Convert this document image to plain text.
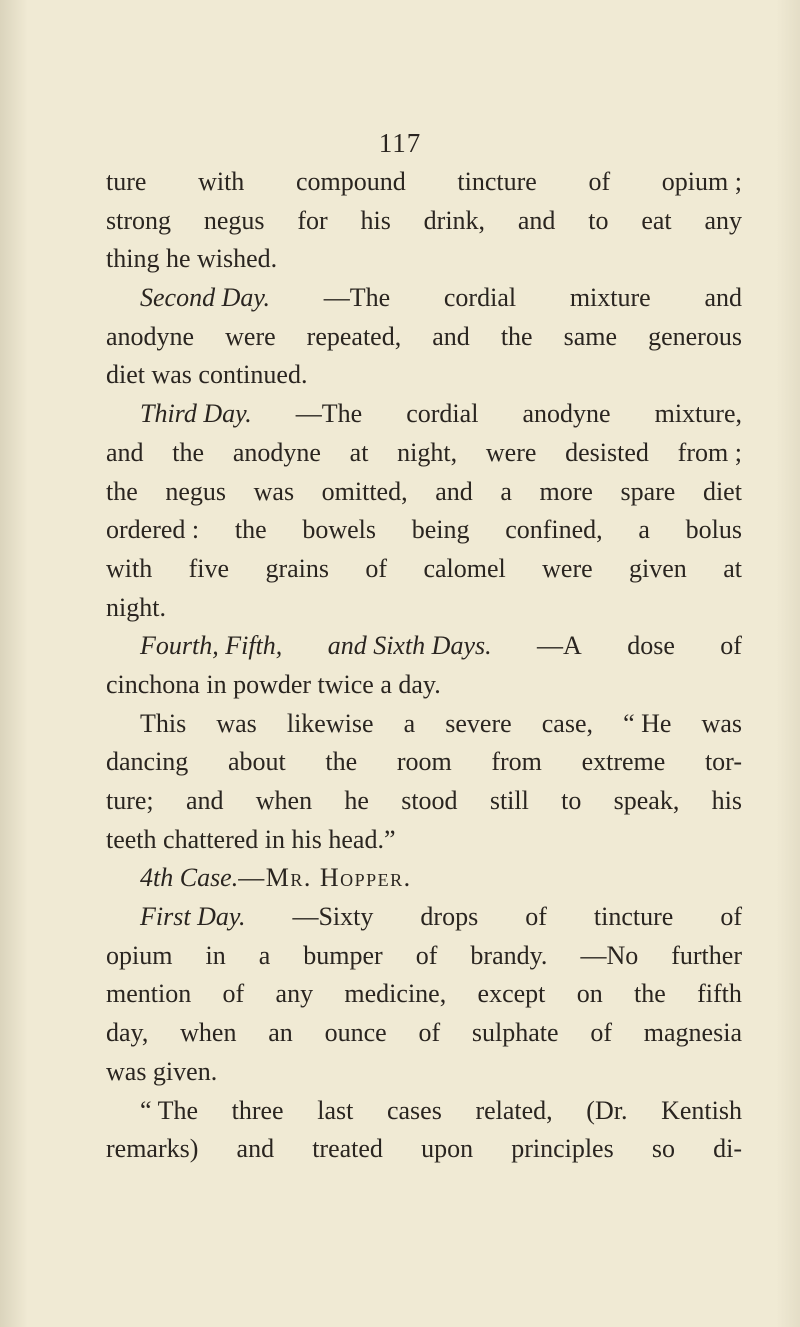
117
ture with compound tincture of opium ;
strong negus for his drink, and to eat any
thing he wished.
Second Day. —The cordial mixture and
anodyne were repeated, and the same generous
diet was continued.
Third Day. —The cordial anodyne mixture,
and the anodyne at night, were desisted from ;
the negus was omitted, and a more spare diet
ordered : the bowels being confined, a bolus
with five grains of calomel were given at
night.
Fourth, Fifth, and Sixth Days. —A dose of
cinchona in powder twice a day.
This was likewise a severe case, “ He was
dancing about the room from extreme tor-
ture; and when he stood still to speak, his
teeth chattered in his head.”
4th Case. —Mr. Hopper.
First Day. —Sixty drops of tincture of
opium in a bumper of brandy. —No further
mention of any medicine, except on the fifth
day, when an ounce of sulphate of magnesia
was given.
“ The three last cases related, (Dr. Kentish
remarks) and treated upon principles so di-
